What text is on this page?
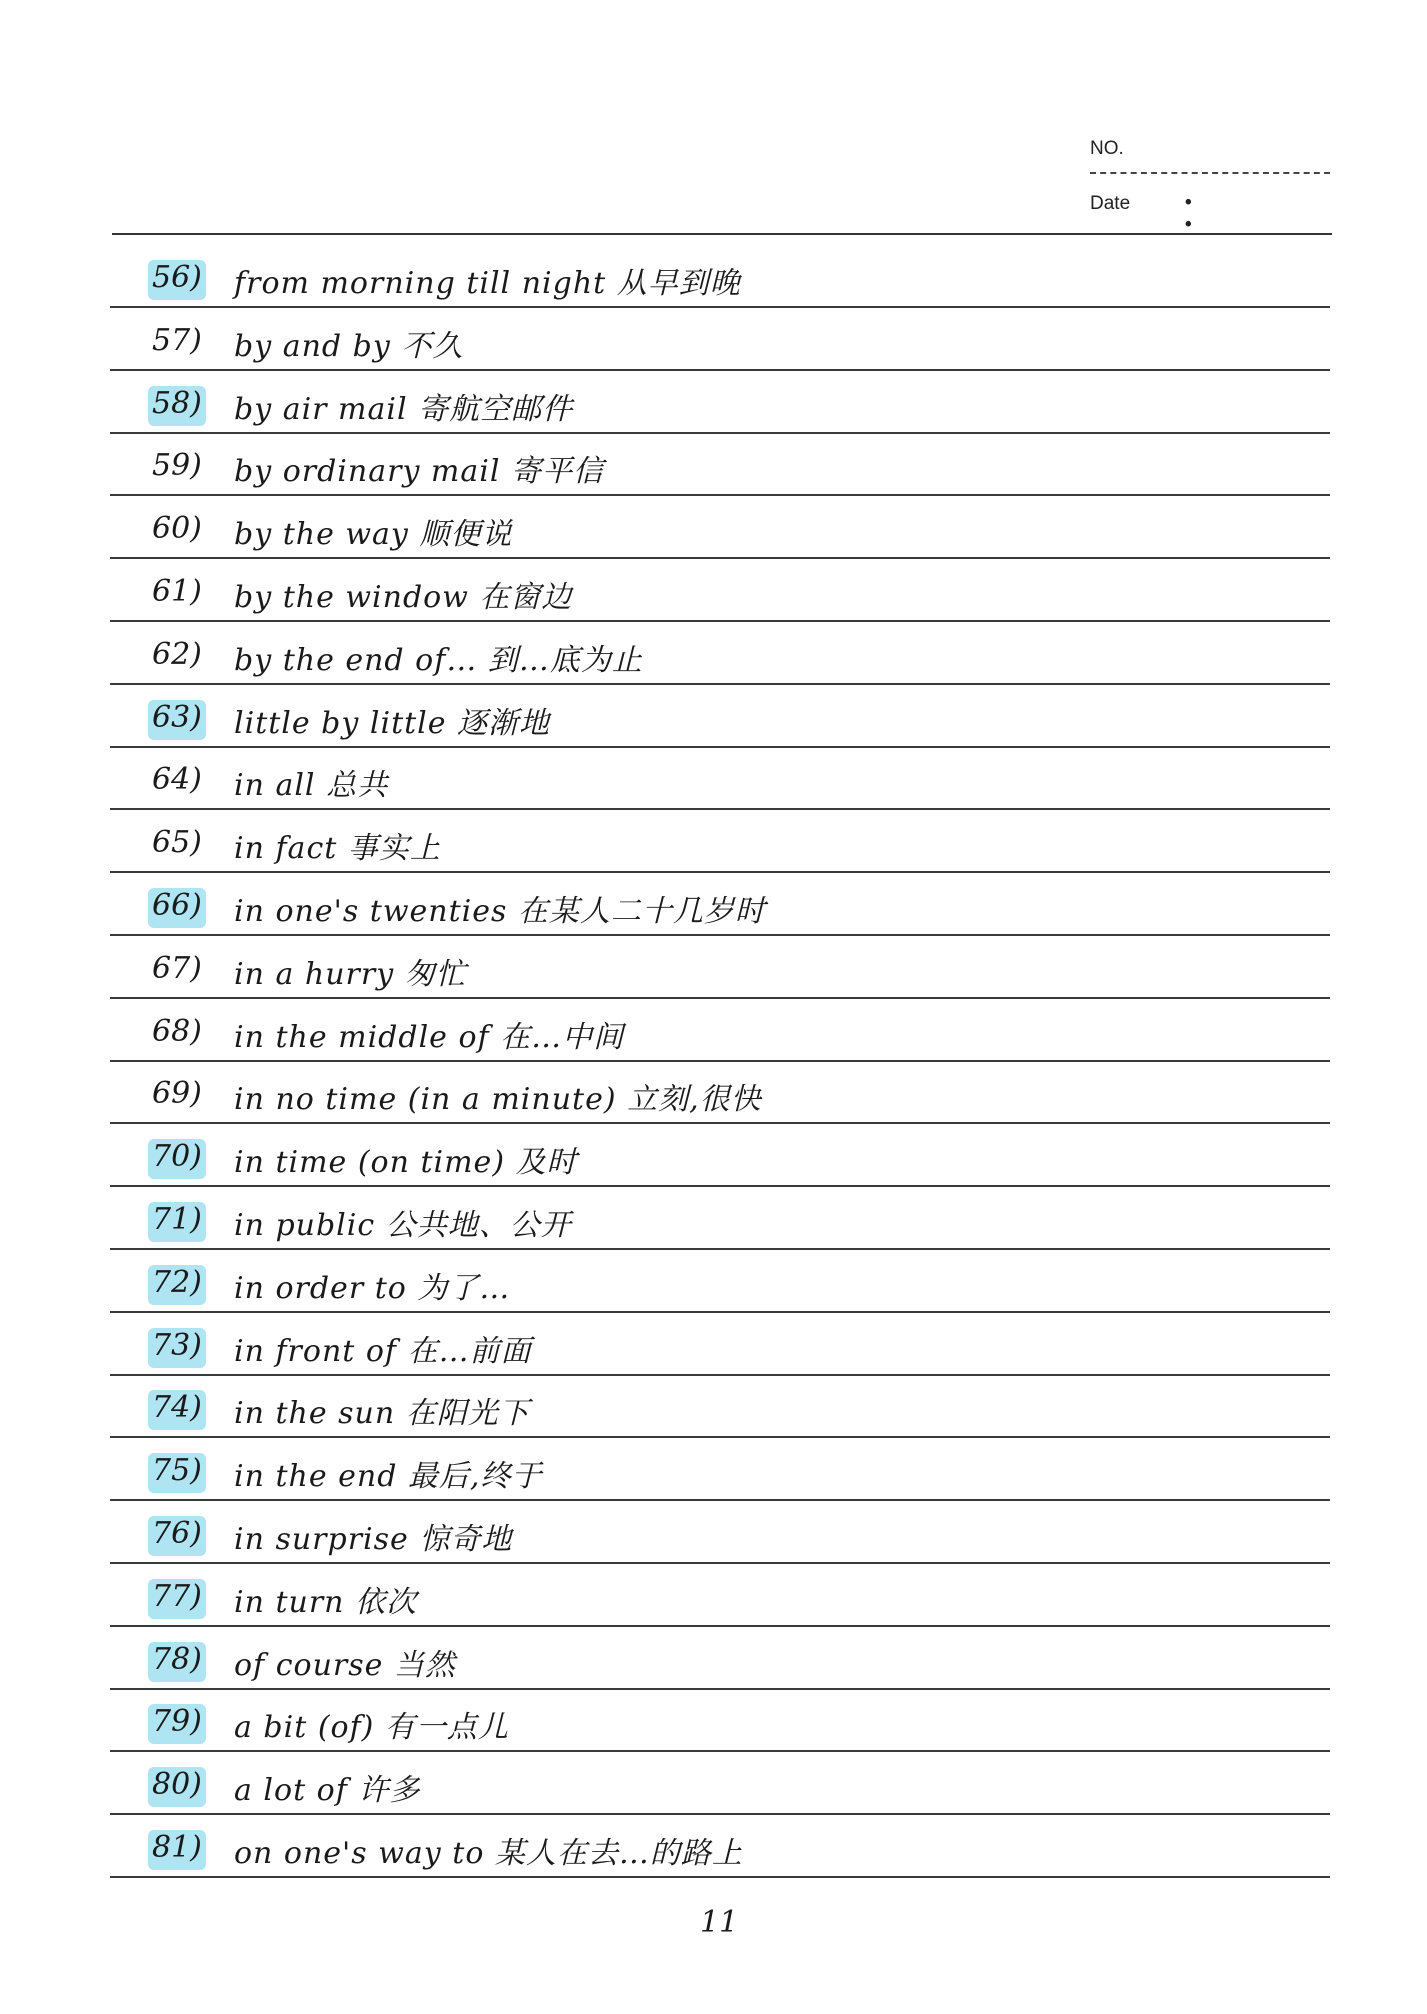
NO.
Date	• •
56) from morning till night 从早到晚
57) by and by 不久
58) by air mail 寄航空邮件
59) by ordinary mail 寄平信
60) by the way 顺便说
61) by the window 在窗边
62) by the end of… 到…底为止
63) little by little 逐渐地
64) in all 总共
65) in fact 事实上
66) in one's twenties 在某人二十几岁时
67) in a hurry 匆忙
68) in the middle of 在…中间
69) in no time (in a minute) 立刻,很快
70) in time (on time) 及时
71) in public 公共地、公开
72) in order to 为了…
73) in front of 在…前面
74) in the sun 在阳光下
75) in the end 最后,终于
76) in surprise 惊奇地
77) in turn 依次
78) of course 当然
79) a bit (of) 有一点儿
80) a lot of 许多
81) on one's way to 某人在去…的路上
11
